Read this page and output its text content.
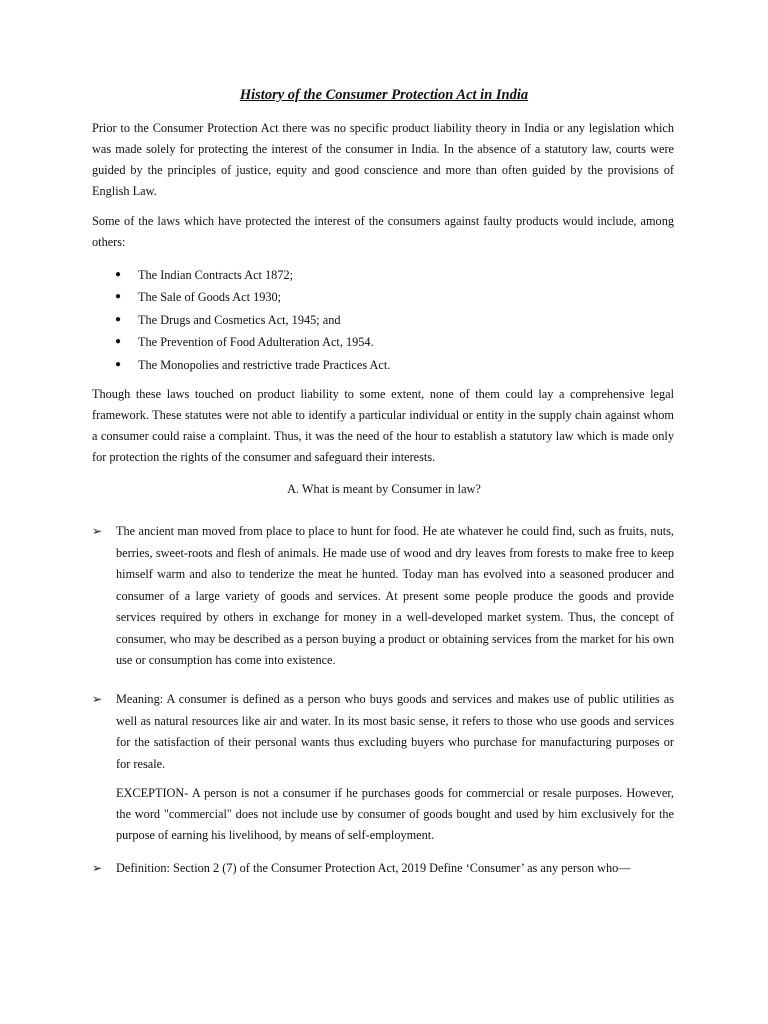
History of the Consumer Protection Act in India

Prior to the Consumer Protection Act there was no specific product liability theory in India or any legislation which was made solely for protecting the interest of the consumer in India. In the absence of a statutory law, courts were guided by the principles of justice, equity and good conscience and more than often guided by the provisions of English Law.

Some of the laws which have protected the interest of the consumers against faulty products would include, among others:

● The Indian Contracts Act 1872;
● The Sale of Goods Act 1930;
● The Drugs and Cosmetics Act, 1945; and
● The Prevention of Food Adulteration Act, 1954.
● The Monopolies and restrictive trade Practices Act.

Though these laws touched on product liability to some extent, none of them could lay a comprehensive legal framework. These statutes were not able to identify a particular individual or entity in the supply chain against whom a consumer could raise a complaint. Thus, it was the need of the hour to establish a statutory law which is made only for protection the rights of the consumer and safeguard their interests.

A. What is meant by Consumer in law?
➢ The ancient man moved from place to place to hunt for food. He ate whatever he could find, such as fruits, nuts, berries, sweet-roots and flesh of animals. He made use of wood and dry leaves from forests to make free to keep himself warm and also to tenderize the meat he hunted. Today man has evolved into a seasoned producer and consumer of a large variety of goods and services. At present some people produce the goods and provide services required by others in exchange for money in a well-developed market system. Thus, the concept of consumer, who may be described as a person buying a product or obtaining services from the market for his own use or consumption has come into existence.
➢ Meaning: A consumer is defined as a person who buys goods and services and makes use of public utilities as well as natural resources like air and water. In its most basic sense, it refers to those who use goods and services for the satisfaction of their personal wants thus excluding buyers who purchase for manufacturing purposes or for resale.

EXCEPTION- A person is not a consumer if he purchases goods for commercial or resale purposes. However, the word "commercial" does not include use by consumer of goods bought and used by him exclusively for the purpose of earning his livelihood, by means of self-employment.

➢ Definition: Section 2 (7) of the Consumer Protection Act, 2019 Define ‘Consumer’ as any person who—
